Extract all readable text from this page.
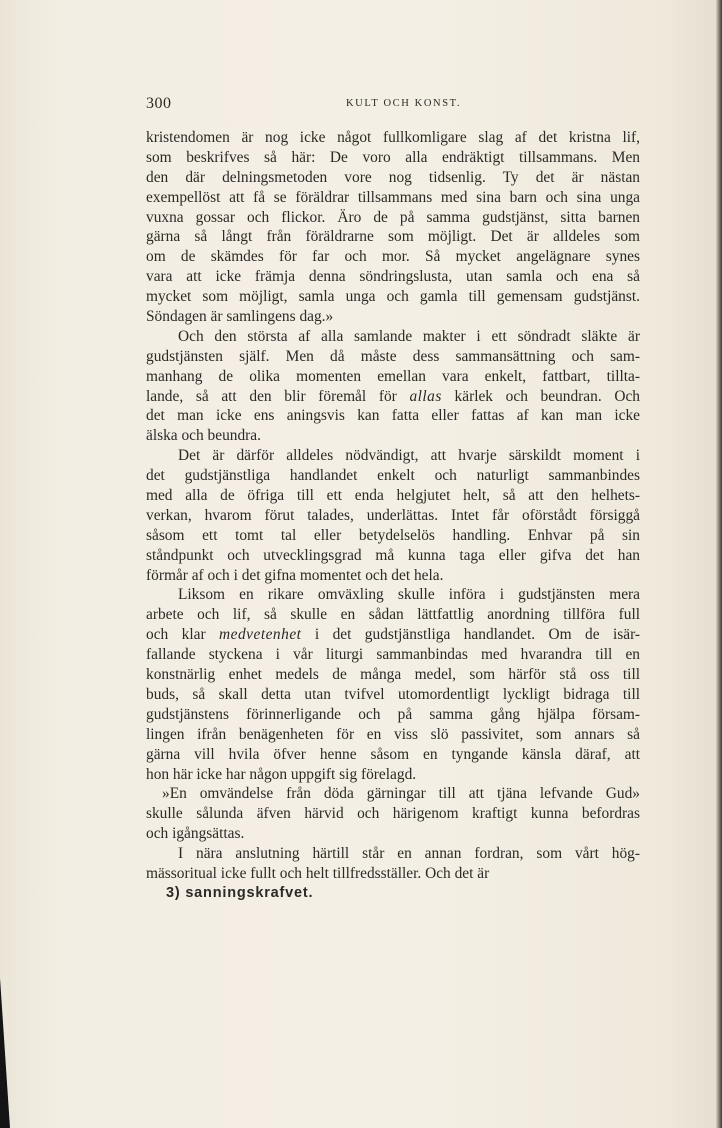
300	KULT OCH KONST.
kristendomen är nog icke något fullkomligare slag af det kristna lif,
som beskrifves så här: De voro alla endräktigt tillsammans. Men
den där delningsmetoden vore nog tidsenlig. Ty det är nästan
exempellöst att få se föräldrar tillsammans med sina barn och sina unga
vuxna gossar och flickor. Äro de på samma gudstjänst, sitta barnen
gärna så långt från föräldrarne som möjligt. Det är alldeles som
om de skämdes för far och mor. Så mycket angelägnare synes
vara att icke främja denna söndringslusta, utan samla och ena så
mycket som möjligt, samla unga och gamla till gemensam gudstjänst.
Söndagen är samlingens dag.»
Och den största af alla samlande makter i ett söndradt släkte är
gudstjänsten själf. Men då måste dess sammansättning och sam-
manhang de olika momenten emellan vara enkelt, fattbart, tillta-
lande, så att den blir föremål för allas kärlek och beundran. Och
det man icke ens aningsvis kan fatta eller fattas af kan man icke
älska och beundra.
Det är därför alldeles nödvändigt, att hvarje särskildt moment i
det gudstjänstliga handlandet enkelt och naturligt sammanbindes
med alla de öfriga till ett enda helgjutet helt, så att den helhets-
verkan, hvarom förut talades, underlättas. Intet får oförstådt försiggå
såsom ett tomt tal eller betydelselös handling. Enhvar på sin
ståndpunkt och utvecklingsgrad må kunna taga eller gifva det han
förmår af och i det gifna momentet och det hela.
Liksom en rikare omväxling skulle införa i gudstjänsten mera
arbete och lif, så skulle en sådan lättfattlig anordning tillföra full
och klar medvetenhet i det gudstjänstliga handlandet. Om de isär-
fallande styckena i vår liturgi sammanbindas med hvarandra till en
konstnärlig enhet medels de många medel, som härför stå oss till
buds, så skall detta utan tvifvel utomordentligt lyckligt bidraga till
gudstjänstens förinnerligande och på samma gång hjälpa försam-
lingen ifrån benägenheten för en viss slö passivitet, som annars så
gärna vill hvila öfver henne såsom en tyngande känsla däraf, att
hon här icke har någon uppgift sig förelagd.
»En omvändelse från döda gärningar till att tjäna lefvande Gud»
skulle sålunda äfven härvid och härigenom kraftigt kunna befordras
och igångsättas.
I nära anslutning härtill står en annan fordran, som vårt hög-
mässoritual icke fullt och helt tillfredsställer. Och det är
3) sanningskrafvet.
